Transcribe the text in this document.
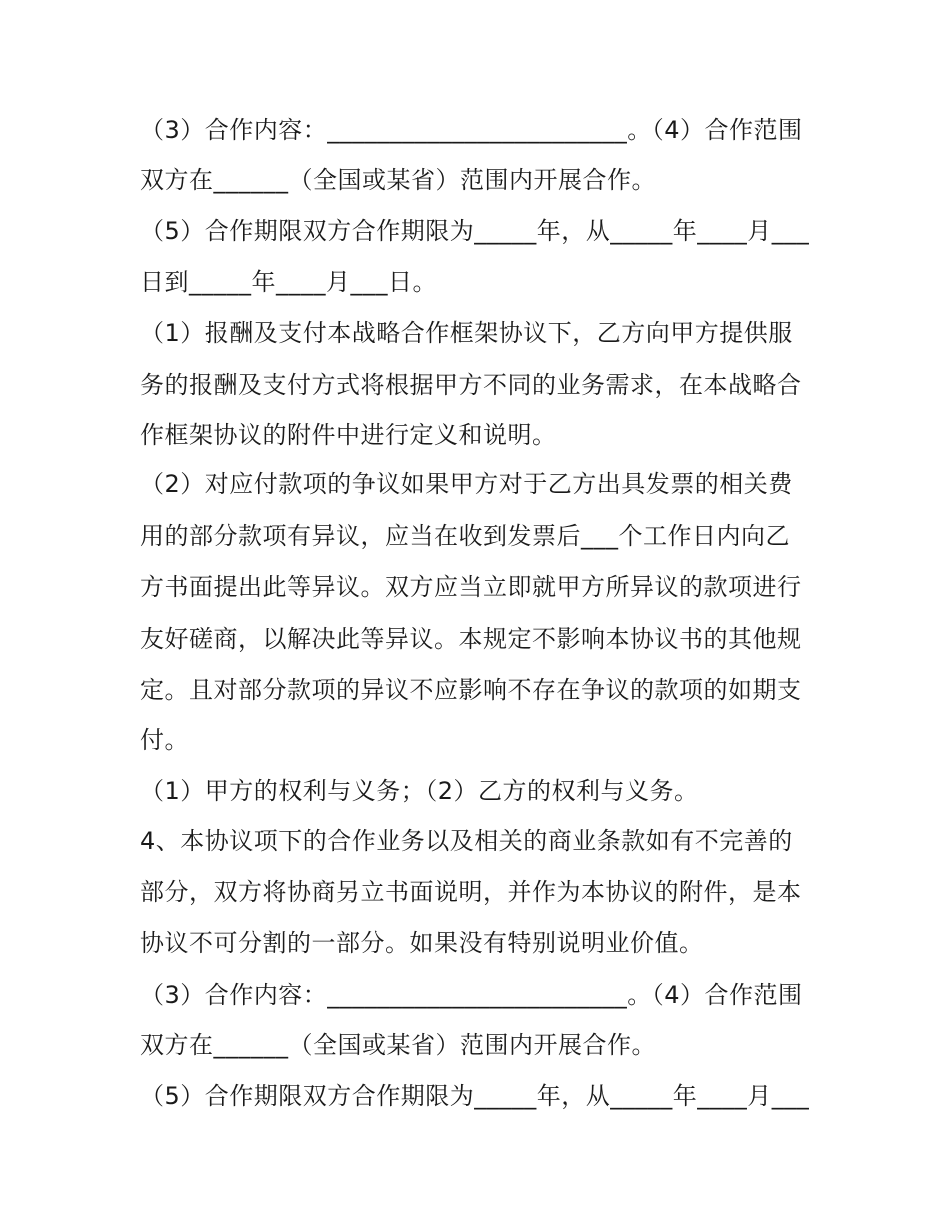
（3）合作内容：________________________。（4）合作范围
双方在______（全国或某省）范围内开展合作。
（5）合作期限双方合作期限为_____年，从_____年____月___
日到_____年____月___日。
（1）报酬及支付本战略合作框架协议下，乙方向甲方提供服
务的报酬及支付方式将根据甲方不同的业务需求，在本战略合
作框架协议的附件中进行定义和说明。
（2）对应付款项的争议如果甲方对于乙方出具发票的相关费
用的部分款项有异议，应当在收到发票后___个工作日内向乙
方书面提出此等异议。双方应当立即就甲方所异议的款项进行
友好磋商，以解决此等异议。本规定不影响本协议书的其他规
定。且对部分款项的异议不应影响不存在争议的款项的如期支
付。
（1）甲方的权利与义务；（2）乙方的权利与义务。
4、本协议项下的合作业务以及相关的商业条款如有不完善的
部分，双方将协商另立书面说明，并作为本协议的附件，是本
协议不可分割的一部分。如果没有特别说明业价值。
（3）合作内容：________________________。（4）合作范围
双方在______（全国或某省）范围内开展合作。
（5）合作期限双方合作期限为_____年，从_____年____月___
